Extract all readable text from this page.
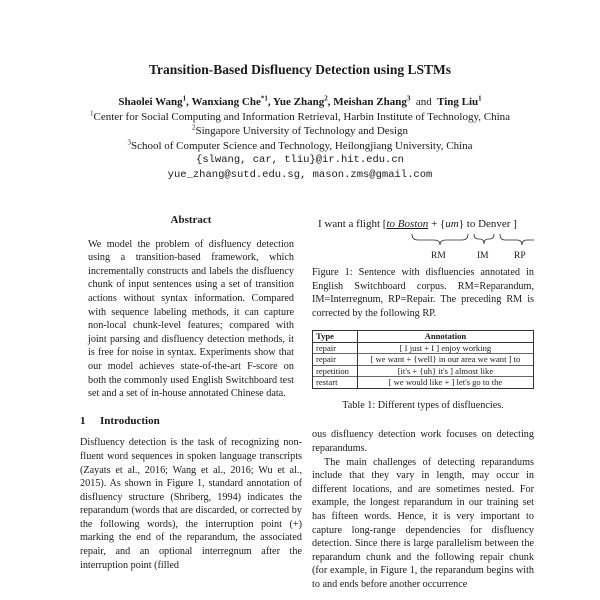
Transition-Based Disfluency Detection using LSTMs
Shaolei Wang$^1$, Wanxiang Che$^{*1}$, Yue Zhang$^2$, Meishan Zhang$^3$ and Ting Liu$^1$
$^1$Center for Social Computing and Information Retrieval, Harbin Institute of Technology, China
$^2$Singapore University of Technology and Design
$^3$School of Computer Science and Technology, Heilongjiang University, China
{slwang, car, tliu}@ir.hit.edu.cn
yue_zhang@sutd.edu.sg, mason.zms@gmail.com
Abstract

We model the problem of disfluency detection using a transition-based framework, which incrementally constructs and labels the disfluency chunk of input sentences using a set of transition actions without syntax information. Compared with sequence labeling methods, it can capture non-local chunk-level features; compared with joint parsing and disfluency detection methods, it is free for noise in syntax. Experiments show that our model achieves state-of-the-art F-score on both the commonly used English Switchboard test set and a set of in-house annotated Chinese data.

1 Introduction

Disfluency detection is the task of recognizing non-fluent word sequences in spoken language transcripts (Zayats et al., 2016; Wang et al., 2016; Wu et al., 2015). As shown in Figure 1, standard annotation of disfluency structure (Shriberg, 1994) indicates the reparandum (words that are discarded, or corrected by the following words), the interruption point (+) marking the end of the reparandum, the associated repair, and an optional interregnum after the interruption point (filled

I want a flight [to Boston + {um} to Denver ]
RM	IM	RP

Figure 1: Sentence with disfluencies annotated in English Switchboard corpus. RM=Reparandum, IM=Interregnum, RP=Repair. The preceding RM is corrected by the following RP.

Type	Annotation
repair	[ I just + I ] enjoy working
repair	[ we want + {well} in our area we want ] to
repetition	[it's + {uh} it's ] almost like
restart	[ we would like + ] let's go to the
Table 1: Different types of disfluencies.

ous disfluency detection work focuses on detecting reparandums.

The main challenges of detecting reparandums include that they vary in length, may occur in different locations, and are sometimes nested. For example, the longest reparandum in our training set has fifteen words. Hence, it is very important to capture long-range dependencies for disfluency detection. Since there is large parallelism between the reparandum chunk and the following repair chunk (for example, in Figure 1, the reparandum begins with to and ends before another occurrence
